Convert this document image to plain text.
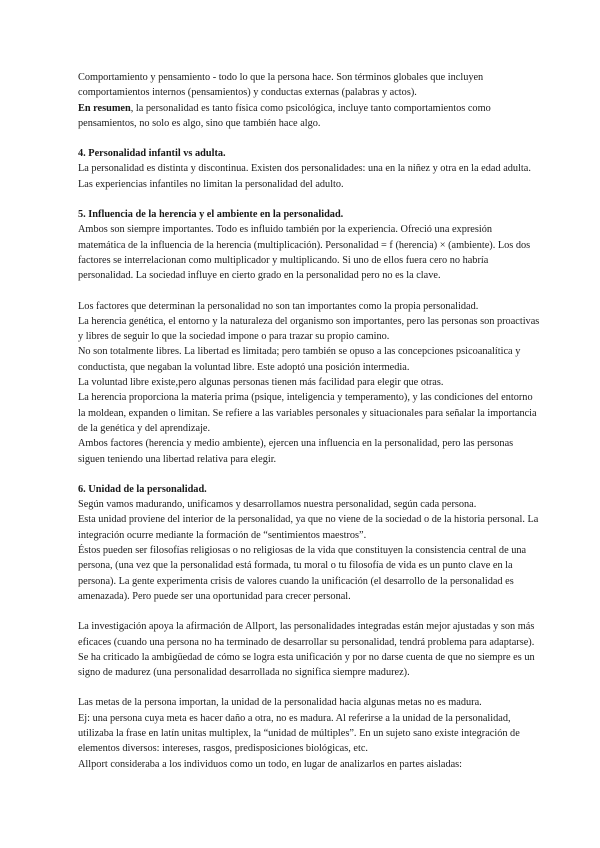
Comportamiento y pensamiento - todo lo que la persona hace. Son términos globales que incluyen comportamientos internos (pensamientos) y conductas externas (palabras y actos).

En resumen, la personalidad es tanto física como psicológica, incluye tanto comportamientos como pensamientos, no solo es algo, sino que también hace algo.

4. Personalidad infantil vs adulta.

La personalidad es distinta y discontinua. Existen dos personalidades: una en la niñez y otra en la edad adulta. Las experiencias infantiles no limitan la personalidad del adulto.

5. Influencia de la herencia y el ambiente en la personalidad.

Ambos son siempre importantes. Todo es influido también por la experiencia. Ofreció una expresión matemática de la influencia de la herencia (multiplicación). Personalidad = f (herencia) × (ambiente). Los dos factores se interrelacionan como multiplicador y multiplicando. Si uno de ellos fuera cero no habría personalidad. La sociedad influye en cierto grado en la personalidad pero no es la clave.

Los factores que determinan la personalidad no son tan importantes como la propia personalidad.

La herencia genética, el entorno y la naturaleza del organismo son importantes, pero las personas son proactivas y libres de seguir lo que la sociedad impone o para trazar su propio camino.

No son totalmente libres. La libertad es limitada; pero también se opuso a las concepciones psicoanalítica y conductista, que negaban la voluntad libre. Este adoptó una posición intermedia.

La voluntad libre existe,pero algunas personas tienen más facilidad para elegir que otras.

La herencia proporciona la materia prima (psique, inteligencia y temperamento), y las condiciones del entorno la moldean, expanden o limitan. Se refiere a las variables personales y situacionales para señalar la importancia de la genética y del aprendizaje.

Ambos factores (herencia y medio ambiente), ejercen una influencia en la personalidad, pero las personas siguen teniendo una libertad relativa para elegir.

6. Unidad de la personalidad.

Según vamos madurando, unificamos y desarrollamos nuestra personalidad, según cada persona.

Esta unidad proviene del interior de la personalidad, ya que no viene de la sociedad o de la historia personal. La integración ocurre mediante la formación de “sentimientos maestros”.

Éstos pueden ser filosofías religiosas o no religiosas de la vida que constituyen la consistencia central de una persona, (una vez que la personalidad está formada, tu moral o tu filosofía de vida es un punto clave en la persona). La gente experimenta crisis de valores cuando la unificación (el desarrollo de la personalidad es amenazada). Pero puede ser una oportunidad para crecer personal.

La investigación apoya la afirmación de Allport, las personalidades integradas están mejor ajustadas y son más eficaces (cuando una persona no ha terminado de desarrollar su personalidad, tendrá problema para adaptarse). Se ha criticado la ambigüedad de cómo se logra esta unificación y por no darse cuenta de que no siempre es un signo de madurez (una personalidad desarrollada no significa siempre madurez).

Las metas de la persona importan, la unidad de la personalidad hacia algunas metas no es madura.

Ej: una persona cuya meta es hacer daño a otra, no es madura. Al referirse a la unidad de la personalidad, utilizaba la frase en latín unitas multiplex, la “unidad de múltiples”. En un sujeto sano existe integración de elementos diversos: intereses, rasgos, predisposiciones biológicas, etc.

Allport consideraba a los individuos como un todo, en lugar de analizarlos en partes aisladas:
